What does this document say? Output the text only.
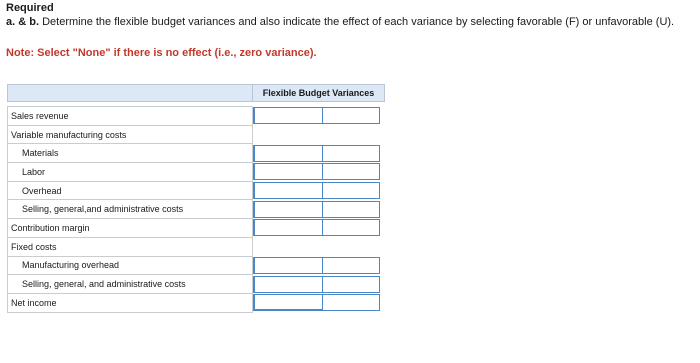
Required
a. & b. Determine the flexible budget variances and also indicate the effect of each variance by selecting favorable (F) or unfavorable (U).
Note: Select "None" if there is no effect (i.e., zero variance).
	Flexible Budget Variances

Sales revenue	

Variable manufacturing costs	
Materials	

Labor	

Overhead	

Selling, general,and administrative costs	

Contribution margin	

Fixed costs	
Manufacturing overhead	

Selling, general, and administrative costs	

Net income	
